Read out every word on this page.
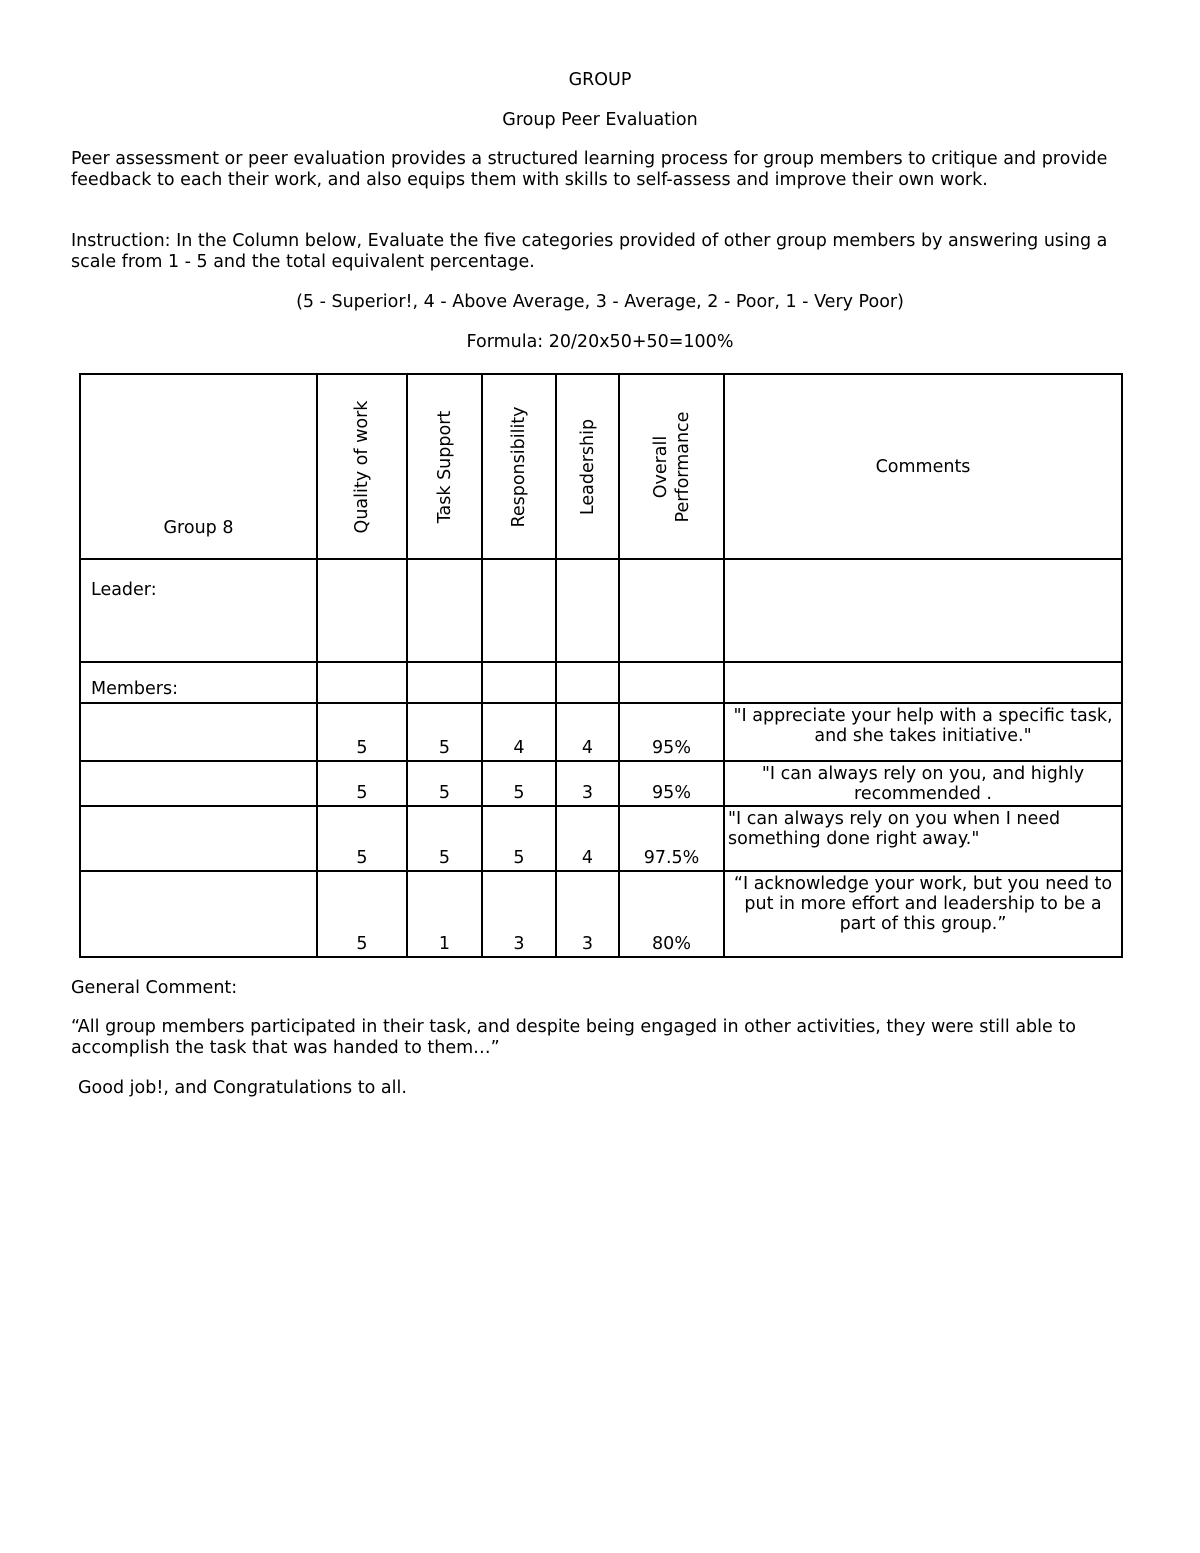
GROUP

Group Peer Evaluation

Peer assessment or peer evaluation provides a structured learning process for group members to critique and provide feedback to each their work, and also equips them with skills to self-assess and improve their own work.

Instruction: In the Column below, Evaluate the five categories provided of other group members by answering using a scale from 1 - 5 and the total equivalent percentage.

(5 - Superior!, 4 - Above Average, 3 - Average, 2 - Poor, 1 - Very Poor)

Formula: 20/20x50+50=100%

Group 8	Quality of work	Task Support	Responsibility	Leadership	Overall Performance	Comments
Leader:						
Members:						
	5	5	4	4	95%	"I appreciate your help with a specific task, and she takes initiative."
	5	5	5	3	95%	"I can always rely on you, and highly recommended .
	5	5	5	4	97.5%	"I can always rely on you when I need something done right away."
	5	1	3	3	80%	“I acknowledge your work, but you need to put in more effort and leadership to be a part of this group.”

General Comment:

“All group members participated in their task, and despite being engaged in other activities, they were still able to accomplish the task that was handed to them…”

Good job!, and Congratulations to all.
